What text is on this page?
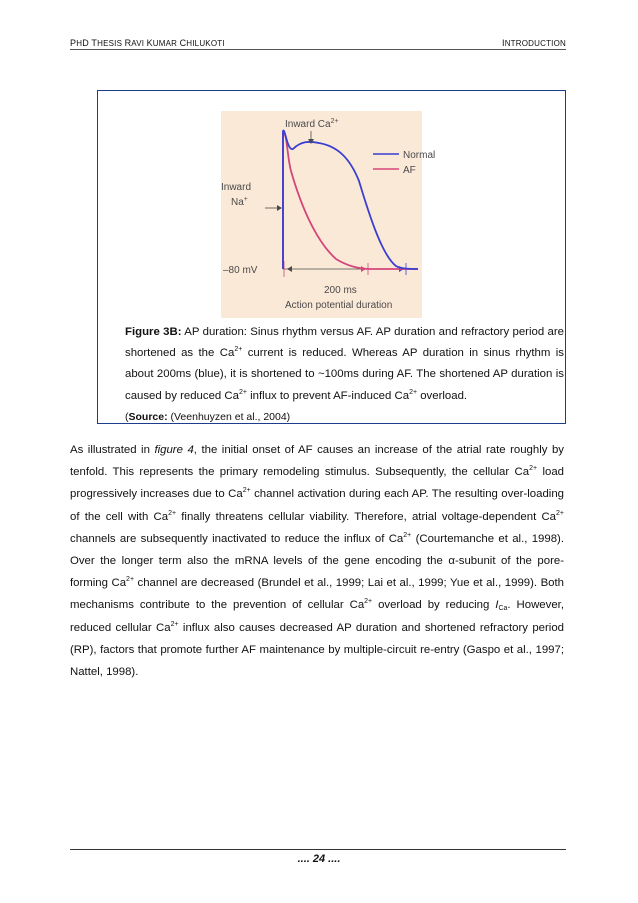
PHD THESIS RAVI KUMAR CHILUKOTI	INTRODUCTION
Inward $Ca^{2+}$
Inward
Na+
Normal
AF
–80 mV
200 ms
Action potential duration

Figure 3B: AP duration: Sinus rhythm versus AF. AP duration and refractory period are shortened as the $Ca^{2+}$ current is reduced. Whereas AP duration in sinus rhythm is about 200ms (blue), it is shortened to ~100ms during AF. The shortened AP duration is caused by reduced $Ca^{2+}$ influx to prevent AF-induced $Ca^{2+}$ overload.

(Source: (Veenhuyzen et al., 2004)

As illustrated in figure 4, the initial onset of AF causes an increase of the atrial rate roughly by tenfold. This represents the primary remodeling stimulus. Subsequently, the cellular $Ca^{2+}$ load progressively increases due to $Ca^{2+}$ channel activation during each AP. The resulting over-loading of the cell with $Ca^{2+}$ finally threatens cellular viability. Therefore, atrial voltage-dependent $Ca^{2+}$ channels are subsequently inactivated to reduce the influx of $Ca^{2+}$ (Courtemanche et al., 1998). Over the longer term also the mRNA levels of the gene encoding the α-subunit of the pore-forming $Ca^{2+}$ channel are decreased (Brundel et al., 1999; Lai et al., 1999; Yue et al., 1999). Both mechanisms contribute to the prevention of cellular $Ca^{2+}$ overload by reducing $I_{Ca}$. However, reduced cellular $Ca^{2+}$ influx also causes decreased AP duration and shortened refractory period (RP), factors that promote further AF maintenance by multiple-circuit re-entry (Gaspo et al., 1997; Nattel, 1998).

.... 24 ....
